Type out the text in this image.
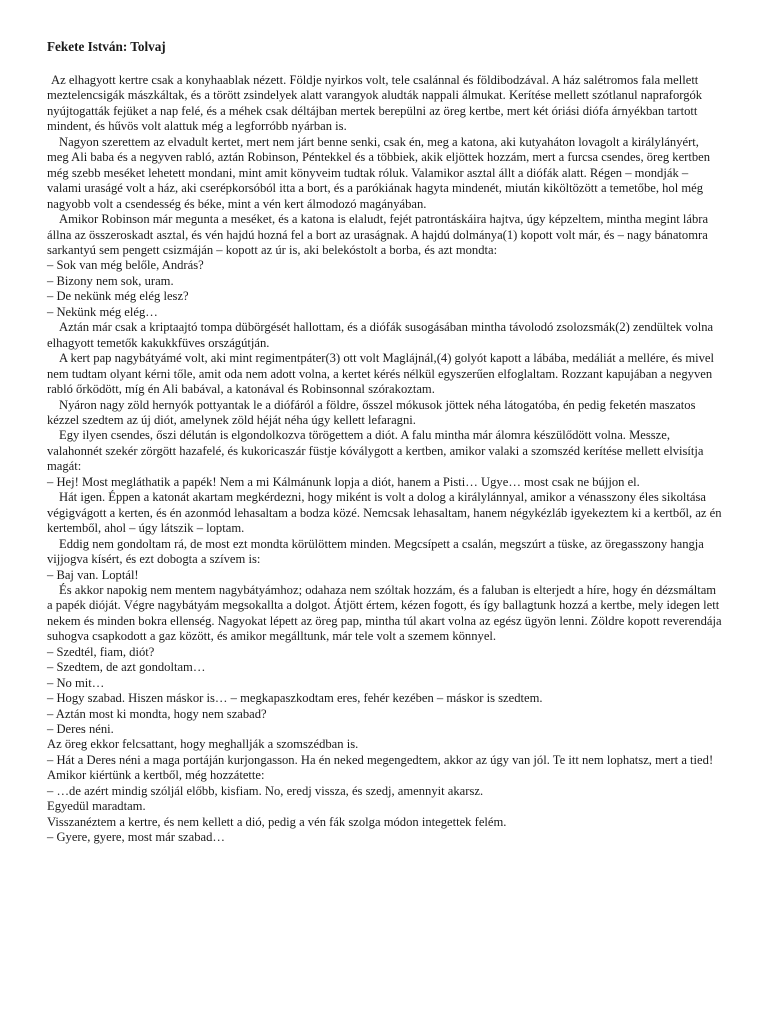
Fekete István: Tolvaj

Az elhagyott kertre csak a konyhaablak nézett. Földje nyirkos volt, tele csalánnal és földibodzával. A ház salétromos fala mellett meztelencsigák mászkáltak, és a törött zsindelyek alatt varangyok aludták nappali álmukat. Kerítése mellett szótlanul napraforgók nyújtogatták fejüket a nap felé, és a méhek csak déltájban mertek berepülni az öreg kertbe, mert két óriási diófa árnyékban tartott mindent, és hűvös volt alattuk még a legforróbb nyárban is.

Nagyon szerettem az elvadult kertet, mert nem járt benne senki, csak én, meg a katona, aki kutyaháton lovagolt a királylányért, meg Ali baba és a negyven rabló, aztán Robinson, Péntekkel és a többiek, akik eljöttek hozzám, mert a furcsa csendes, öreg kertben még szebb meséket lehetett mondani, mint amit könyveim tudtak róluk. Valamikor asztal állt a diófák alatt. Régen – mondják – valami uraságé volt a ház, aki cserépkorsóból itta a bort, és a parókiának hagyta mindenét, miután kiköltözött a temetőbe, hol még nagyobb volt a csendesség és béke, mint a vén kert álmodozó magányában.

Amikor Robinson már megunta a meséket, és a katona is elaludt, fejét patrontáskáira hajtva, úgy képzeltem, mintha megint lábra állna az összeroskadt asztal, és vén hajdú hozná fel a bort az uraságnak. A hajdú dolmánya(1) kopott volt már, és – nagy bánatomra sarkantyú sem pengett csizmáján – kopott az úr is, aki belekóstolt a borba, és azt mondta:

– Sok van még belőle, András?

– Bizony nem sok, uram.

– De nekünk még elég lesz?

– Nekünk még elég…

Aztán már csak a kriptaajtó tompa dübörgését hallottam, és a diófák susogásában mintha távolodó zsolozsmák(2) zendültek volna elhagyott temetők kakukkfüves országútján.

A kert pap nagybátyámé volt, aki mint regimentpáter(3) ott volt Maglájnál,(4) golyót kapott a lábába, medáliát a mellére, és mivel nem tudtam olyant kérni tőle, amit oda nem adott volna, a kertet kérés nélkül egyszerűen elfoglaltam. Rozzant kapujában a negyven rabló őrködött, míg én Ali babával, a katonával és Robinsonnal szórakoztam.

Nyáron nagy zöld hernyók pottyantak le a diófáról a földre, ősszel mókusok jöttek néha látogatóba, én pedig feketén maszatos kézzel szedtem az új diót, amelynek zöld héját néha úgy kellett lefaragni.

Egy ilyen csendes, őszi délután is elgondolkozva törögettem a diót. A falu mintha már álomra készülődött volna. Messze, valahonnét szekér zörgött hazafelé, és kukoricaszár füstje kóválygott a kertben, amikor valaki a szomszéd kerítése mellett elvisítja magát:

– Hej! Most megláthatik a papék! Nem a mi Kálmánunk lopja a diót, hanem a Pisti… Ugye… most csak ne bújjon el.

Hát igen. Éppen a katonát akartam megkérdezni, hogy miként is volt a dolog a királylánnyal, amikor a vénasszony éles sikoltása végigvágott a kerten, és én azonmód lehasaltam a bodza közé. Nemcsak lehasaltam, hanem négykézláb igyekeztem ki a kertből, az én kertemből, ahol – úgy látszik – loptam.

Eddig nem gondoltam rá, de most ezt mondta körülöttem minden. Megcsípett a csalán, megszúrt a tüske, az öregasszony hangja vijjogva kísért, és ezt dobogta a szívem is:

– Baj van. Loptál!

És akkor napokig nem mentem nagybátyámhoz; odahaza nem szóltak hozzám, és a faluban is elterjedt a híre, hogy én dézsmáltam a papék dióját. Végre nagybátyám megsokallta a dolgot. Átjött értem, kézen fogott, és így ballagtunk hozzá a kertbe, mely idegen lett nekem és minden bokra ellenség. Nagyokat lépett az öreg pap, mintha túl akart volna az egész ügyön lenni. Zöldre kopott reverendája suhogva csapkodott a gaz között, és amikor megálltunk, már tele volt a szemem könnyel.

– Szedtél, fiam, diót?

– Szedtem, de azt gondoltam…

– No mit…

– Hogy szabad. Hiszen máskor is… – megkapaszkodtam eres, fehér kezében – máskor is szedtem.

– Aztán most ki mondta, hogy nem szabad?

– Deres néni.

Az öreg ekkor felcsattant, hogy meghallják a szomszédban is.

– Hát a Deres néni a maga portáján kurjongasson. Ha én neked megengedtem, akkor az úgy van jól. Te itt nem lophatsz, mert a tied!

Amikor kiértünk a kertből, még hozzátette:

– …de azért mindig szóljál előbb, kisfiam. No, eredj vissza, és szedj, amennyit akarsz.

Egyedül maradtam.

Visszanéztem a kertre, és nem kellett a dió, pedig a vén fák szolga módon integettek felém.

– Gyere, gyere, most már szabad…
